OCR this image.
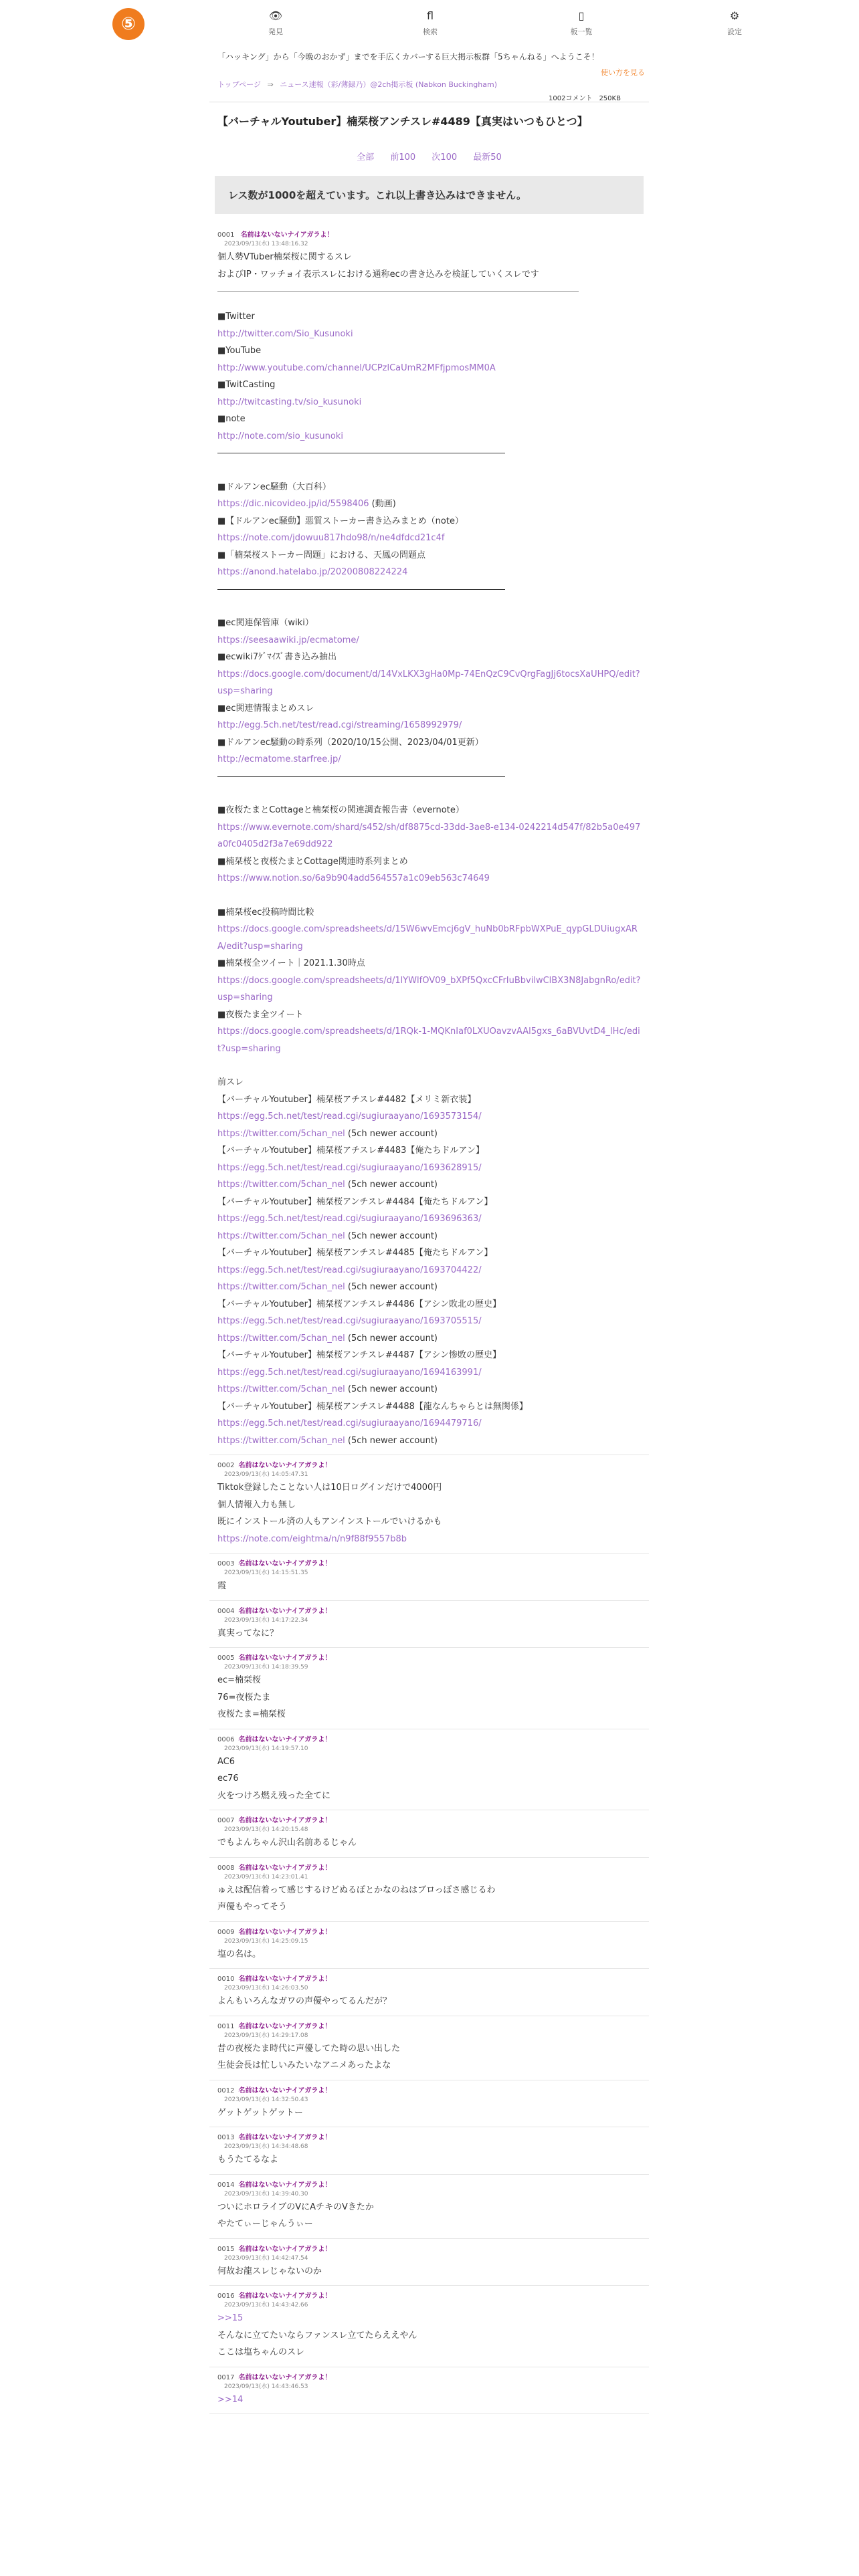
⑤	👁
発見
fl
検索
▯
板一覧
⚙
設定
「ハッキング」から「今晩のおかず」までを手広くカバーする巨大掲示板群「5ちゃんねる」へようこそ！
使い方を見る
トップページ ⇒ ニュース速報（彩/薄録乃）@2ch掲示板 (Nabkon Buckingham)
1002コメント　250KB
【バーチャルYoutuber】楠栞桜アンチスレ#4489【真実はいつもひとつ】
全部 前100 次100 最新50
レス数が1000を超えています。これ以上書き込みはできません。
0001 名前はないないナイアガラよ！
2023/09/13(水) 13:48:16.32
個人勢VTuber楠栞桜に関するスレ
およびIP・ワッチョイ表示スレにおける通称ecの書き込みを検証していくスレです
■Twitter
http://twitter.com/Sio_Kusunoki
■YouTube
http://www.youtube.com/channel/UCPzlCaUmR2MFfjpmosMM0A
■TwitCasting
http://twitcasting.tv/sio_kusunoki
■note
http://note.com/sio_kusunoki
■ドルアンec騒動（大百科）
https://dic.nicovideo.jp/id/5598406 (動画)
■【ドルアンec騒動】悪質ストーカー書き込みまとめ（note）
https://note.com/jdowuu817hdo98/n/ne4dfdcd21c4f
■「楠栞桜ストーカー問題」における、天鳳の問題点
https://anond.hatelabo.jp/20200808224224
■ec関連保管庫（wiki）
https://seesaawiki.jp/ecmatome/
■ecwiki7ｹﾞﾏｲｽﾞ書き込み抽出
https://docs.google.com/document/d/14VxLKX3gHa0Mp-74EnQzC9CvQrgFagJj6tocsXaUHPQ/edit?usp=sharing
■ec関連情報まとめスレ
http://egg.5ch.net/test/read.cgi/streaming/1658992979/
■ドルアンec騒動の時系列（2020/10/15公開、2023/04/01更新）
http://ecmatome.starfree.jp/
■夜桜たまとCottageと楠栞桜の関連調査報告書（evernote）
https://www.evernote.com/shard/s452/sh/df8875cd-33dd-3ae8-e134-0242214d547f/82b5a0e497a0fc0405d2f3a7e69dd922
■楠栞桜と夜桜たまとCottage関連時系列まとめ
https://www.notion.so/6a9b904add564557a1c09eb563c74649
■楠栞桜ec投稿時間比較
https://docs.google.com/spreadsheets/d/15W6wvEmcj6gV_huNb0bRFpbWXPuE_qypGLDUiugxARA/edit?usp=sharing
■楠栞桜全ツイート｜2021.1.30時点
https://docs.google.com/spreadsheets/d/1lYWlfOV09_bXPf5QxcCFrIuBbvilwClBX3N8JabgnRo/edit?usp=sharing
■夜桜たま全ツイート
https://docs.google.com/spreadsheets/d/1RQk-1-MQKnIaf0LXUOavzvAAl5gxs_6aBVUvtD4_lHc/edit?usp=sharing
前スレ
【バーチャルYoutuber】楠栞桜アチスレ#4482【メリミ新衣装】
https://egg.5ch.net/test/read.cgi/sugiuraayano/1693573154/
https://twitter.com/5chan_nel (5ch newer account)
【バーチャルYoutuber】楠栞桜アチスレ#4483【俺たちドルアン】
https://egg.5ch.net/test/read.cgi/sugiuraayano/1693628915/
https://twitter.com/5chan_nel (5ch newer account)
【バーチャルYoutuber】楠栞桜アンチスレ#4484【俺たちドルアン】
https://egg.5ch.net/test/read.cgi/sugiuraayano/1693696363/
https://twitter.com/5chan_nel (5ch newer account)
【バーチャルYoutuber】楠栞桜アンチスレ#4485【俺たちドルアン】
https://egg.5ch.net/test/read.cgi/sugiuraayano/1693704422/
https://twitter.com/5chan_nel (5ch newer account)
【バーチャルYoutuber】楠栞桜アンチスレ#4486【アシン敗北の歴史】
https://egg.5ch.net/test/read.cgi/sugiuraayano/1693705515/
https://twitter.com/5chan_nel (5ch newer account)
【バーチャルYoutuber】楠栞桜アンチスレ#4487【アシン惨敗の歴史】
https://egg.5ch.net/test/read.cgi/sugiuraayano/1694163991/
https://twitter.com/5chan_nel (5ch newer account)
【バーチャルYoutuber】楠栞桜アンチスレ#4488【龍なんちゃらとは無関係】
https://egg.5ch.net/test/read.cgi/sugiuraayano/1694479716/
https://twitter.com/5chan_nel (5ch newer account)
0002 名前はないないナイアガラよ！
2023/09/13(水) 14:05:47.31
Tiktok登録したことない人は10日ログインだけで4000円
個人情報入力も無し
既にインストール済の人もアンインストールでいけるかも
https://note.com/eightma/n/n9f88f9557b8b
0003 名前はないないナイアガラよ！
2023/09/13(水) 14:15:51.35
霞
0004 名前はないないナイアガラよ！
2023/09/13(水) 14:17:22.34
真実ってなに？
0005 名前はないないナイアガラよ！
2023/09/13(水) 14:18:39.59
ec=楠栞桜
76=夜桜たま
夜桜たま=楠栞桜
0006 名前はないないナイアガラよ！
2023/09/13(水) 14:19:57.10
AC6
ec76
火をつけろ燃え残った全てに
0007 名前はないないナイアガラよ！
2023/09/13(水) 14:20:15.48
でもよんちゃん沢山名前あるじゃん
0008 名前はないないナイアガラよ！
2023/09/13(水) 14:23:01.41
ゅえは配信着って感じするけどぬるぽとかなのねはブロっぽさ感じるわ
声優もやってそう
0009 名前はないないナイアガラよ！
2023/09/13(水) 14:25:09.15
塩の名は。
0010 名前はないないナイアガラよ！
2023/09/13(水) 14:26:03.50
よんもいろんなガワの声優やってるんだが？
0011 名前はないないナイアガラよ！
2023/09/13(水) 14:29:17.08
昔の夜桜たま時代に声優してた時の思い出した
生徒会長は忙しいみたいなアニメあったよな
0012 名前はないないナイアガラよ！
2023/09/13(水) 14:32:50.43
ゲットゲットゲットー
0013 名前はないないナイアガラよ！
2023/09/13(水) 14:34:48.68
もうたてるなよ
0014 名前はないないナイアガラよ！
2023/09/13(水) 14:39:40.30
ついにホロライブのVにAチキのVきたか
やたてぃーじゃんうぃー
0015 名前はないないナイアガラよ！
2023/09/13(水) 14:42:47.54
何故お龍スレじゃないのか
0016 名前はないないナイアガラよ！
2023/09/13(水) 14:43:42.66
>>15
そんなに立てたいならファンスレ立てたらええやん
ここは塩ちゃんのスレ
0017 名前はないないナイアガラよ！
2023/09/13(水) 14:43:46.53
>>14
